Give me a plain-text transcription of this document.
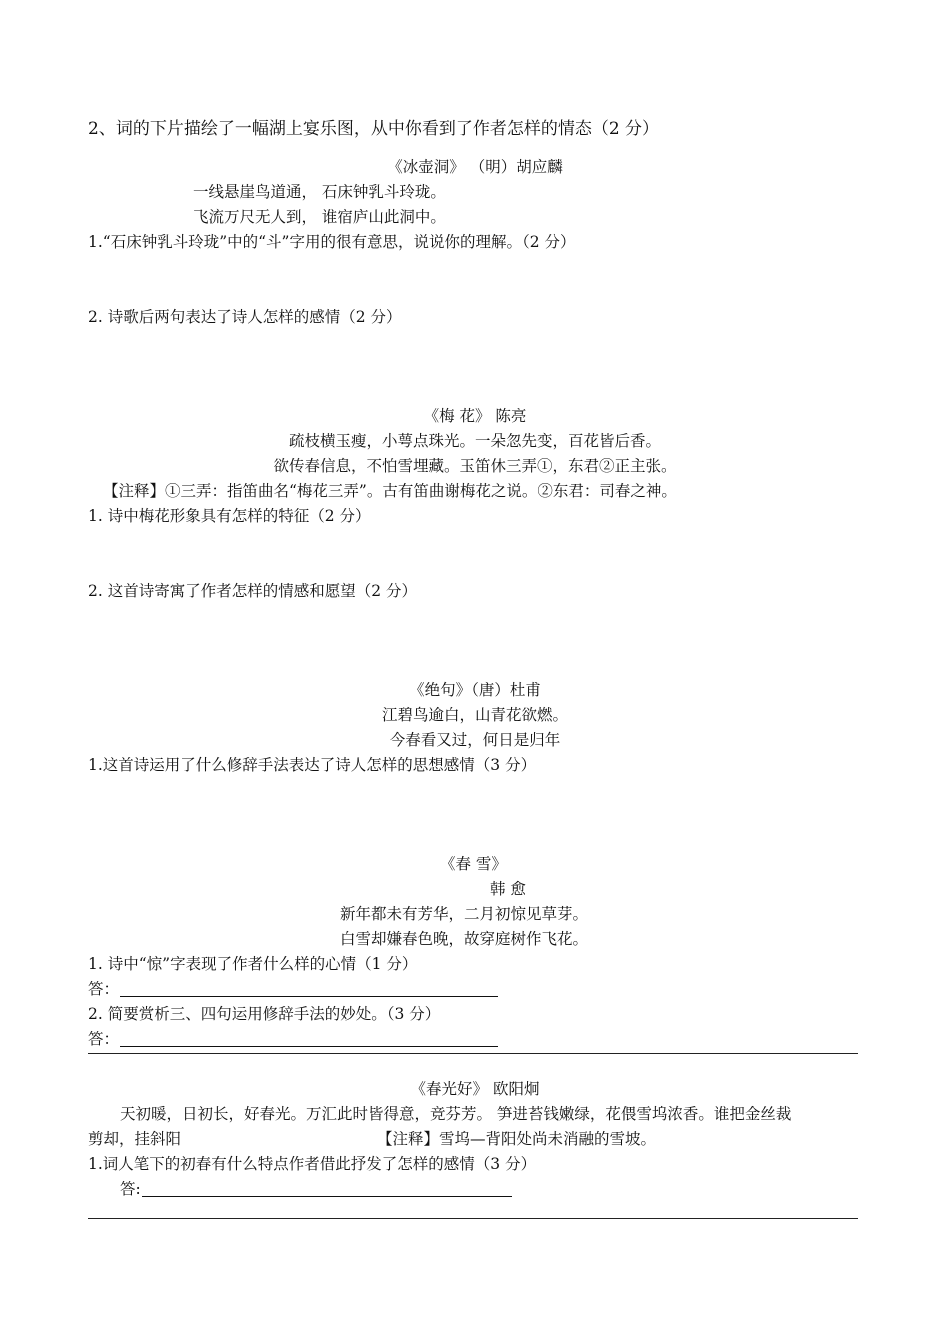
2、词的下片描绘了一幅湖上宴乐图，从中你看到了作者怎样的情态（2 分）
《冰壶洞》 （明）胡应麟
一线悬崖鸟道通， 石床钟乳斗玲珑。
飞流万尺无人到， 谁宿庐山此洞中。
1.“石床钟乳斗玲珑”中的“斗”字用的很有意思，说说你的理解。（2 分）
2. 诗歌后两句表达了诗人怎样的感情（2 分）
《梅 花》 陈亮
疏枝横玉瘦，小萼点珠光。一朵忽先变，百花皆后香。
欲传春信息，不怕雪埋藏。玉笛休三弄①，东君②正主张。
【注释】①三弄：指笛曲名“梅花三弄”。古有笛曲谢梅花之说。②东君：司春之神。
1. 诗中梅花形象具有怎样的特征（2 分）
2. 这首诗寄寓了作者怎样的情感和愿望（2 分）
《绝句》（唐）杜甫
江碧鸟逾白，山青花欲燃。
今春看又过，何日是归年
1.这首诗运用了什么修辞手法表达了诗人怎样的思想感情（3 分）
《春 雪》
韩 愈
新年都未有芳华，二月初惊见草芽。
白雪却嫌春色晚，故穿庭树作飞花。
1. 诗中“惊”字表现了作者什么样的心情（1 分）
答：
2. 简要赏析三、四句运用修辞手法的妙处。（3 分）
答：
《春光好》 欧阳炯
天初暖，日初长，好春光。万汇此时皆得意，竞芬芳。 笋进苔钱嫩绿，花偎雪坞浓香。谁把金丝裁
剪却，挂斜阳	【注释】雪坞—背阳处尚未消融的雪坡。
1.词人笔下的初春有什么特点作者借此抒发了怎样的感情（3 分）
答:
